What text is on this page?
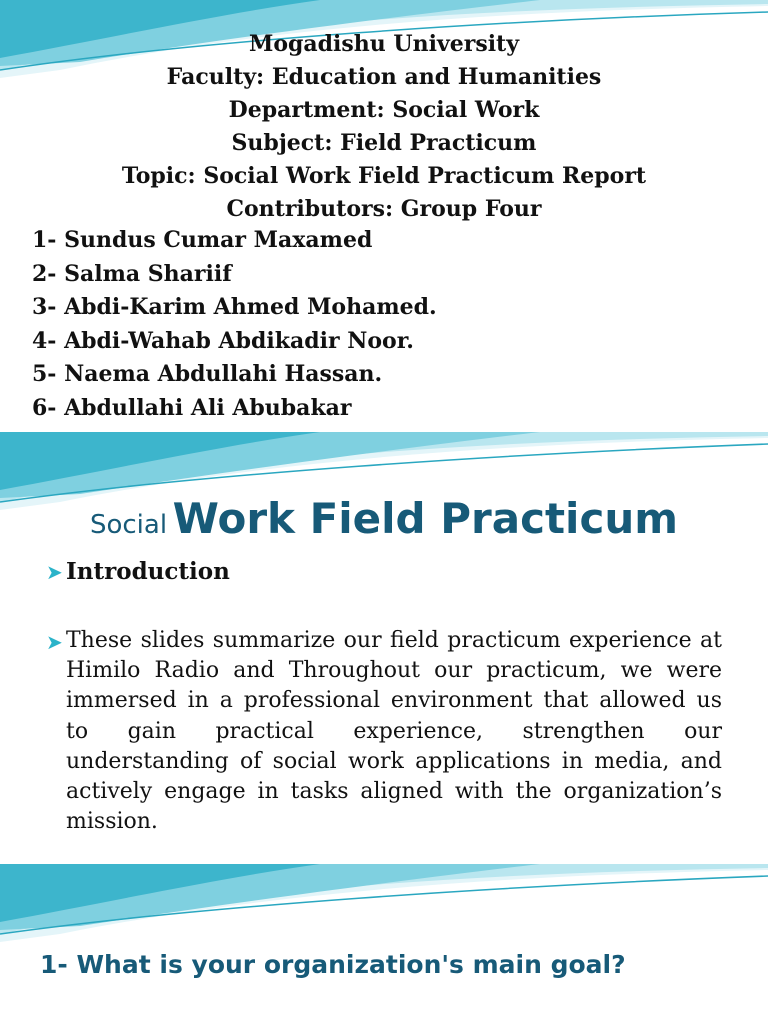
Mogadishu University
Faculty: Education and Humanities
Department: Social Work
Subject: Field Practicum
Topic: Social Work Field Practicum Report
Contributors: Group Four
1- Sundus Cumar Maxamed
2- Salma Shariif
3- Abdi-Karim Ahmed Mohamed.
4- Abdi-Wahab Abdikadir Noor.
5- Naema Abdullahi Hassan.
6- Abdullahi Ali Abubakar
Social Work Field Practicum
➤ Introduction
➤ These slides summarize our field practicum experience at Himilo Radio and Throughout our practicum, we were immersed in a professional environment that allowed us to gain practical experience, strengthen our understanding of social work applications in media, and actively engage in tasks aligned with the organization’s mission.
1- What is your organization's main goal?
